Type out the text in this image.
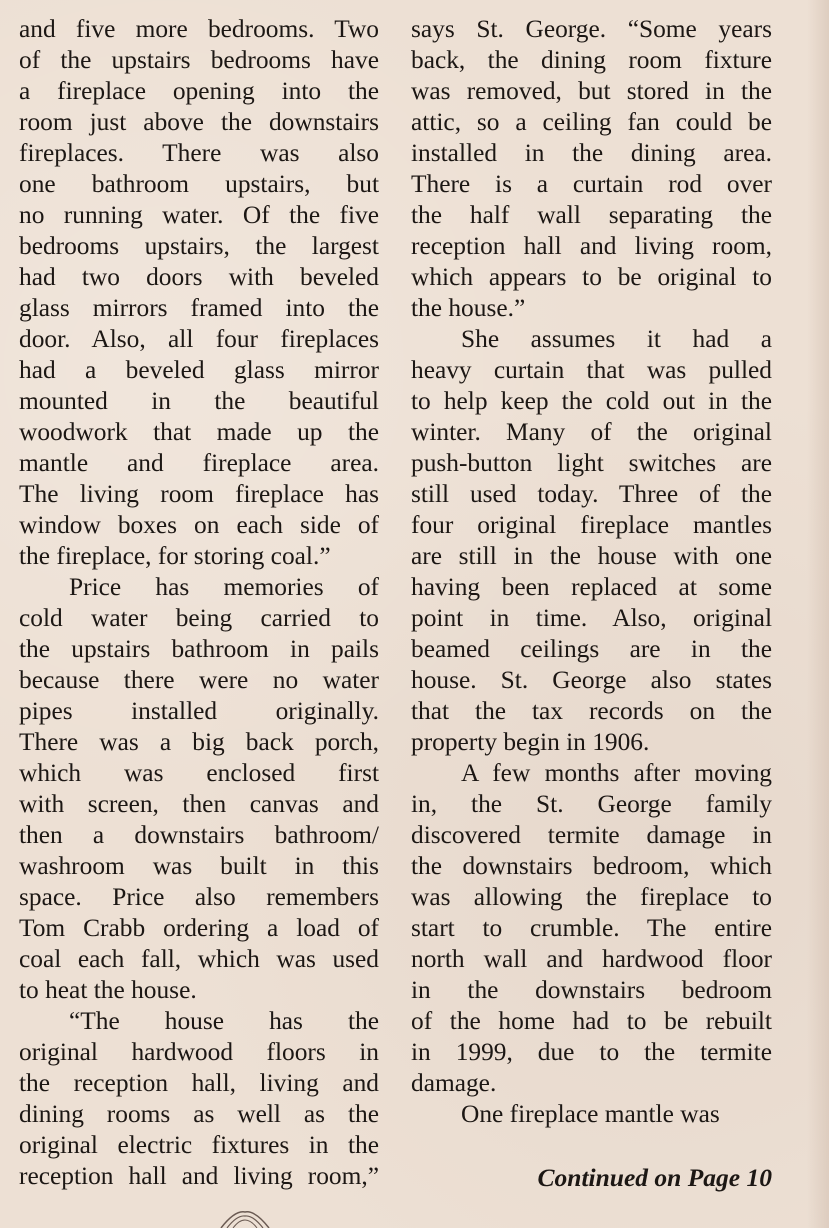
and five more bedrooms. Two
of the upstairs bedrooms have
a fireplace opening into the
room just above the downstairs
fireplaces. There was also
one bathroom upstairs, but
no running water. Of the five
bedrooms upstairs, the largest
had two doors with beveled
glass mirrors framed into the
door. Also, all four fireplaces
had a beveled glass mirror
mounted in the beautiful
woodwork that made up the
mantle and fireplace area.
The living room fireplace has
window boxes on each side of
the fireplace, for storing coal.”
Price has memories of
cold water being carried to
the upstairs bathroom in pails
because there were no water
pipes installed originally.
There was a big back porch,
which was enclosed first
with screen, then canvas and
then a downstairs bathroom/
washroom was built in this
space. Price also remembers
Tom Crabb ordering a load of
coal each fall, which was used
to heat the house.
“The house has the
original hardwood floors in
the reception hall, living and
dining rooms as well as the
original electric fixtures in the
reception hall and living room,”
says St. George. “Some years
back, the dining room fixture
was removed, but stored in the
attic, so a ceiling fan could be
installed in the dining area.
There is a curtain rod over
the half wall separating the
reception hall and living room,
which appears to be original to
the house.”
She assumes it had a
heavy curtain that was pulled
to help keep the cold out in the
winter. Many of the original
push-button light switches are
still used today. Three of the
four original fireplace mantles
are still in the house with one
having been replaced at some
point in time. Also, original
beamed ceilings are in the
house. St. George also states
that the tax records on the
property begin in 1906.
A few months after moving
in, the St. George family
discovered termite damage in
the downstairs bedroom, which
was allowing the fireplace to
start to crumble. The entire
north wall and hardwood floor
in the downstairs bedroom
of the home had to be rebuilt
in 1999, due to the termite
damage.
One fireplace mantle was
Continued on Page 10
